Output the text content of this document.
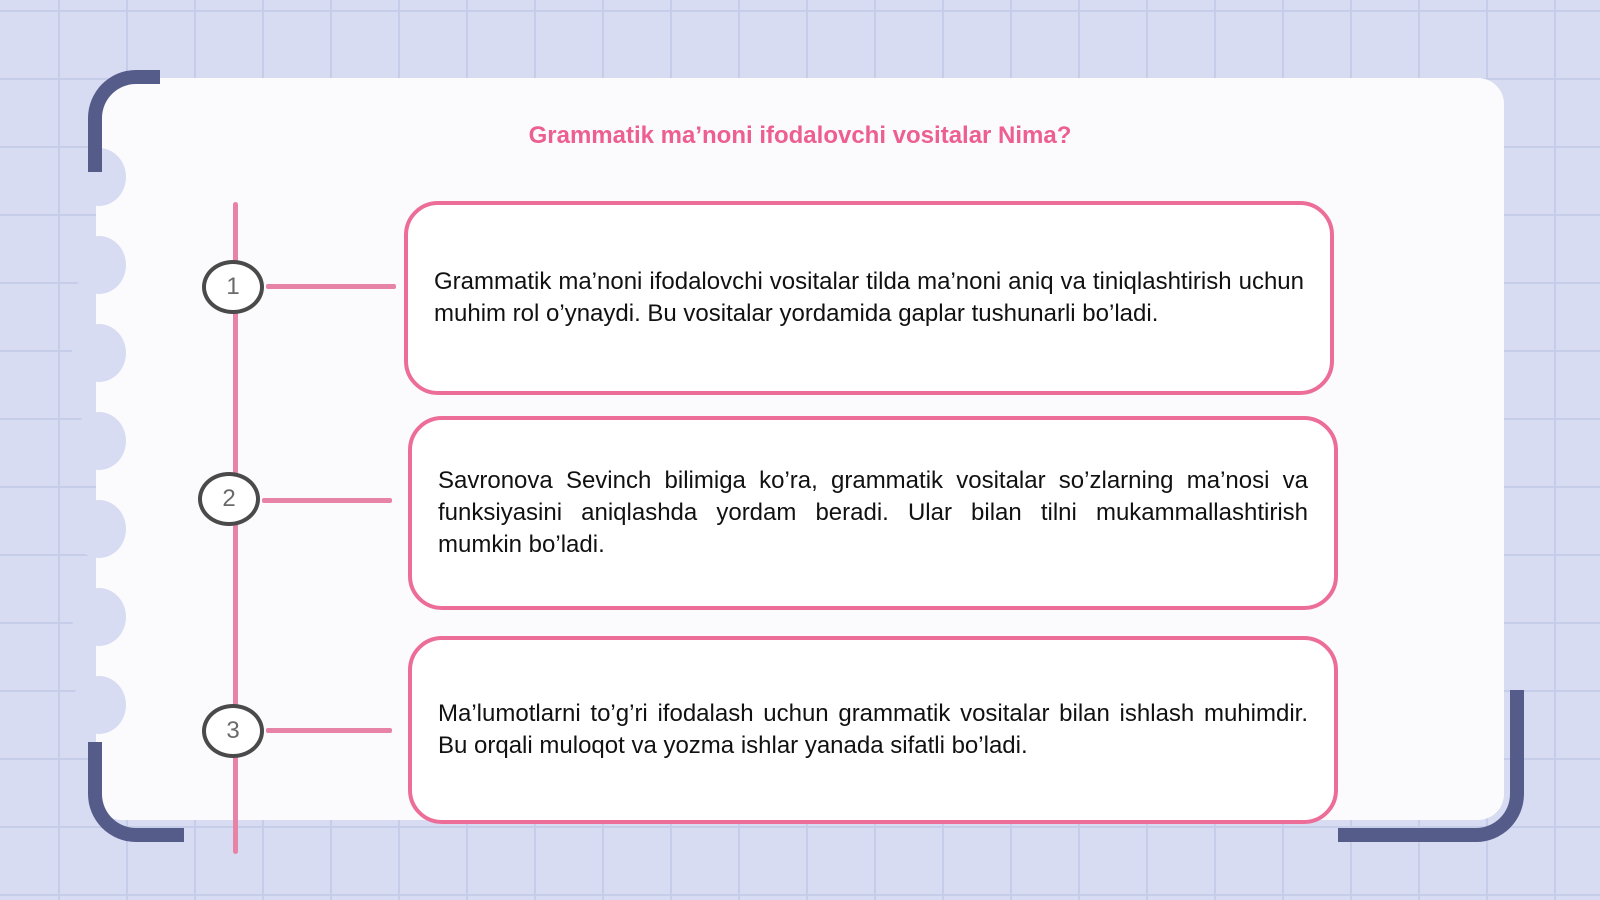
Grammatik ma’noni ifodalovchi vositalar Nima?
1
2
3

Grammatik ma’noni ifodalovchi vositalar tilda ma’noni aniq va tiniqlashtirish uchun muhim rol o’ynaydi. Bu vositalar yordamida gaplar tushunarli bo’ladi.

Savronova Sevinch bilimiga ko’ra, grammatik vositalar so’zlarning ma’nosi va funksiyasini aniqlashda yordam beradi. Ular bilan tilni mukammallashtirish mumkin bo’ladi.

Ma’lumotlarni to’g’ri ifodalash uchun grammatik vositalar bilan ishlash muhimdir. Bu orqali muloqot va yozma ishlar yanada sifatli bo’ladi.
